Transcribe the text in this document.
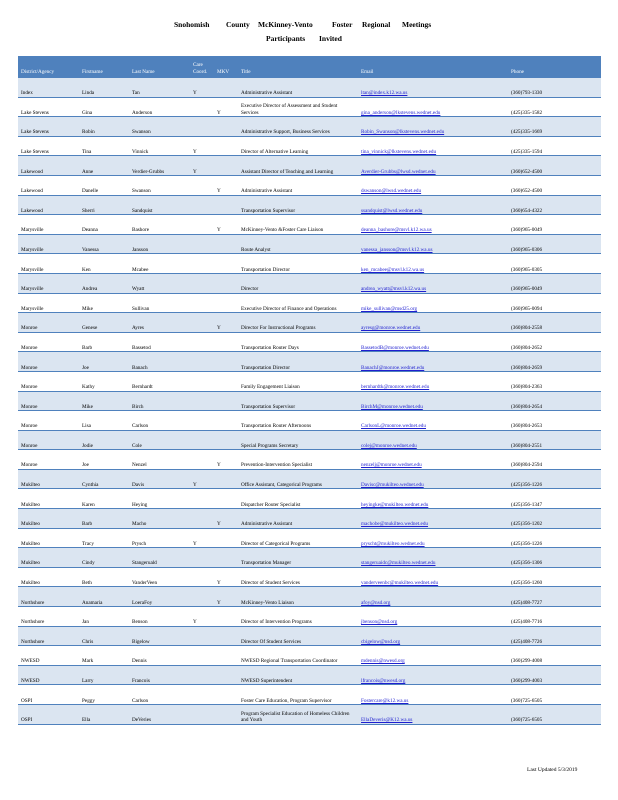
Snohomish County McKinney-Vento	Foster Regional Meetings
Participants Invited
District/Agency	Firstname	Last Name	Care Coord.	MKV	Title	Email	Phone
Index	Linda	Tan	Y		Administrative Assistant	ltan@index.k12.wa.us	(360)793-1330
Lake Stevens	Gina	Anderson		Y	Executive Director of Assessment and Student Services	gina_anderson@lkstevens.wednet.edu	(425)335-1582
Lake Stevens	Robin	Swanson			Administrative Support, Business Services	Robin_Swanson@lkstevens.wednet.edu	(425)335-1669
Lake Stevens	Tina	Vinnick	Y		Director of Alternative Learning	tina_vinnick@lkstevens.wednet.edu	(425)335-1594
Lakewood	Anne	Verdier-Grubbs	Y		Assistant Director of Teaching and Learning	Averdier-Grubbs@lwsd.wednet.edu	(360)652-4500
Lakewood	Danelle	Swanson		Y	Administrative Assistant	dswanson@lwsd.wednet.edu	(360)652-4500
Lakewood	Sherri	Sandquist			Transportation Supervisor	ssandquist@lwsd.wednet.edu	(360)654-4322
Marysville	Deanna	Bashore		Y	McKinney-Vento &Foster Care Liaison	deanna_bashore@msvl.k12.wa.us	(360)965-0049
Marysville	Vanessa	Jansson			Route Analyst	vanessa_jansson@msvl.k12.wa.us	(360)965-0306
Marysville	Ken	Mcabee			Transportation Director	ken_mcabee@msvl.k12.wa.us	(360)965-0305
Marysville	Andrea	Wyatt			Director	andrea_wyatt@msvl.k12.wa.us	(360)965-0049
Marysville	Mike	Sullivan			Executive Director of Finance and Operations	mike_sullivan@msd25.org	(360)965-0094
Monroe	Genese	Ayres		Y	Director For Instructional Programs	ayresg@monroe.wednet.edu	(360)804-2558
Monroe	Barb	Bassetod			Transportation Router Days	BassetodB@monroe.wednet.edu	(360)804-2652
Monroe	Joe	Banach			Transportation Director	BanachJ@monroe.wednet.edu	(360)804-2659
Monroe	Kathy	Bernhardt			Family Engagement Liaison	bernhardtk@monroe.wednet.edu	(360)804-2363
Monroe	Mike	Birch			Transportation Supervisor	BirchM@monroe.wednet.edu	(360)804-2654
Monroe	Lisa	Carlson			Transportation Router Afternoons	CarlsonL@monroe.wednet.edu	(360)804-2653
Monroe	Jodie	Cole			Special Programs Secretary	colej@monroe.wednet.edu	(360)804-2551
Monroe	Joe	Nenzel		Y	Prevention-Intervention Specialist	nenzelj@monroe.wednet.edu	(360)804-2594
Mukilteo	Cynthia	Davis	Y		Office Assistant, Categorical Programs	Davisc@mukilteo.wednet.edu	(425)356-1226
Mukilteo	Karen	Heying			Dispatcher Router Specialist	heyingke@mukilteo.wednet.edu	(425)356-1347
Mukilteo	Barb	Macho		Y	Administrative Assistant	machobe@mukilteo.wednet.edu	(425)356-1202
Mukilteo	Tracy	Prysch	Y		Director of Categorical Programs	pryscht@mukilteo.wednet.edu	(425)356-1226
Mukilteo	Cindy	Stangeruald			Transportation Manager	stangeruaidc@mukilteo.wednet.edu	(425)356-1306
Mukilteo	Beth	VanderVeen		Y	Director of Student Services	vanderveenbc@mukilteo.wednet.edu	(425)356-1260
Northshore	Anamaria	LoeraFoy		Y	McKinney-Vento Liaison	afoy@nsd.org	(425)408-7727
Northshore	Jan	Benson	Y		Director of Intervention Programs	jbenson@nsd.org	(425)408-7716
Northshore	Chris	Bigelow			Director Of Student Services	cbigelow@nsd.org	(425)408-7726
NWESD	Mark	Dennis			NWESD Regional Transportation Coordinator	mdennis@nwesd.org	(360)299-4008
NWESD	Larry	Francois			NWESD Superintendent	lfrancois@nwesd.org	(360)299-4003
OSPI	Peggy	Carlson			Foster Care Education, Program Supervisor	Fostercare@k12.wa.us	(360)725-6505
OSPI	Ella	DeVeries			Program Specialist Education of Homeless Children and Youth	EllaDeveris@K12.wa.us	(360)725-6505
Last Updated 5/3/2019
